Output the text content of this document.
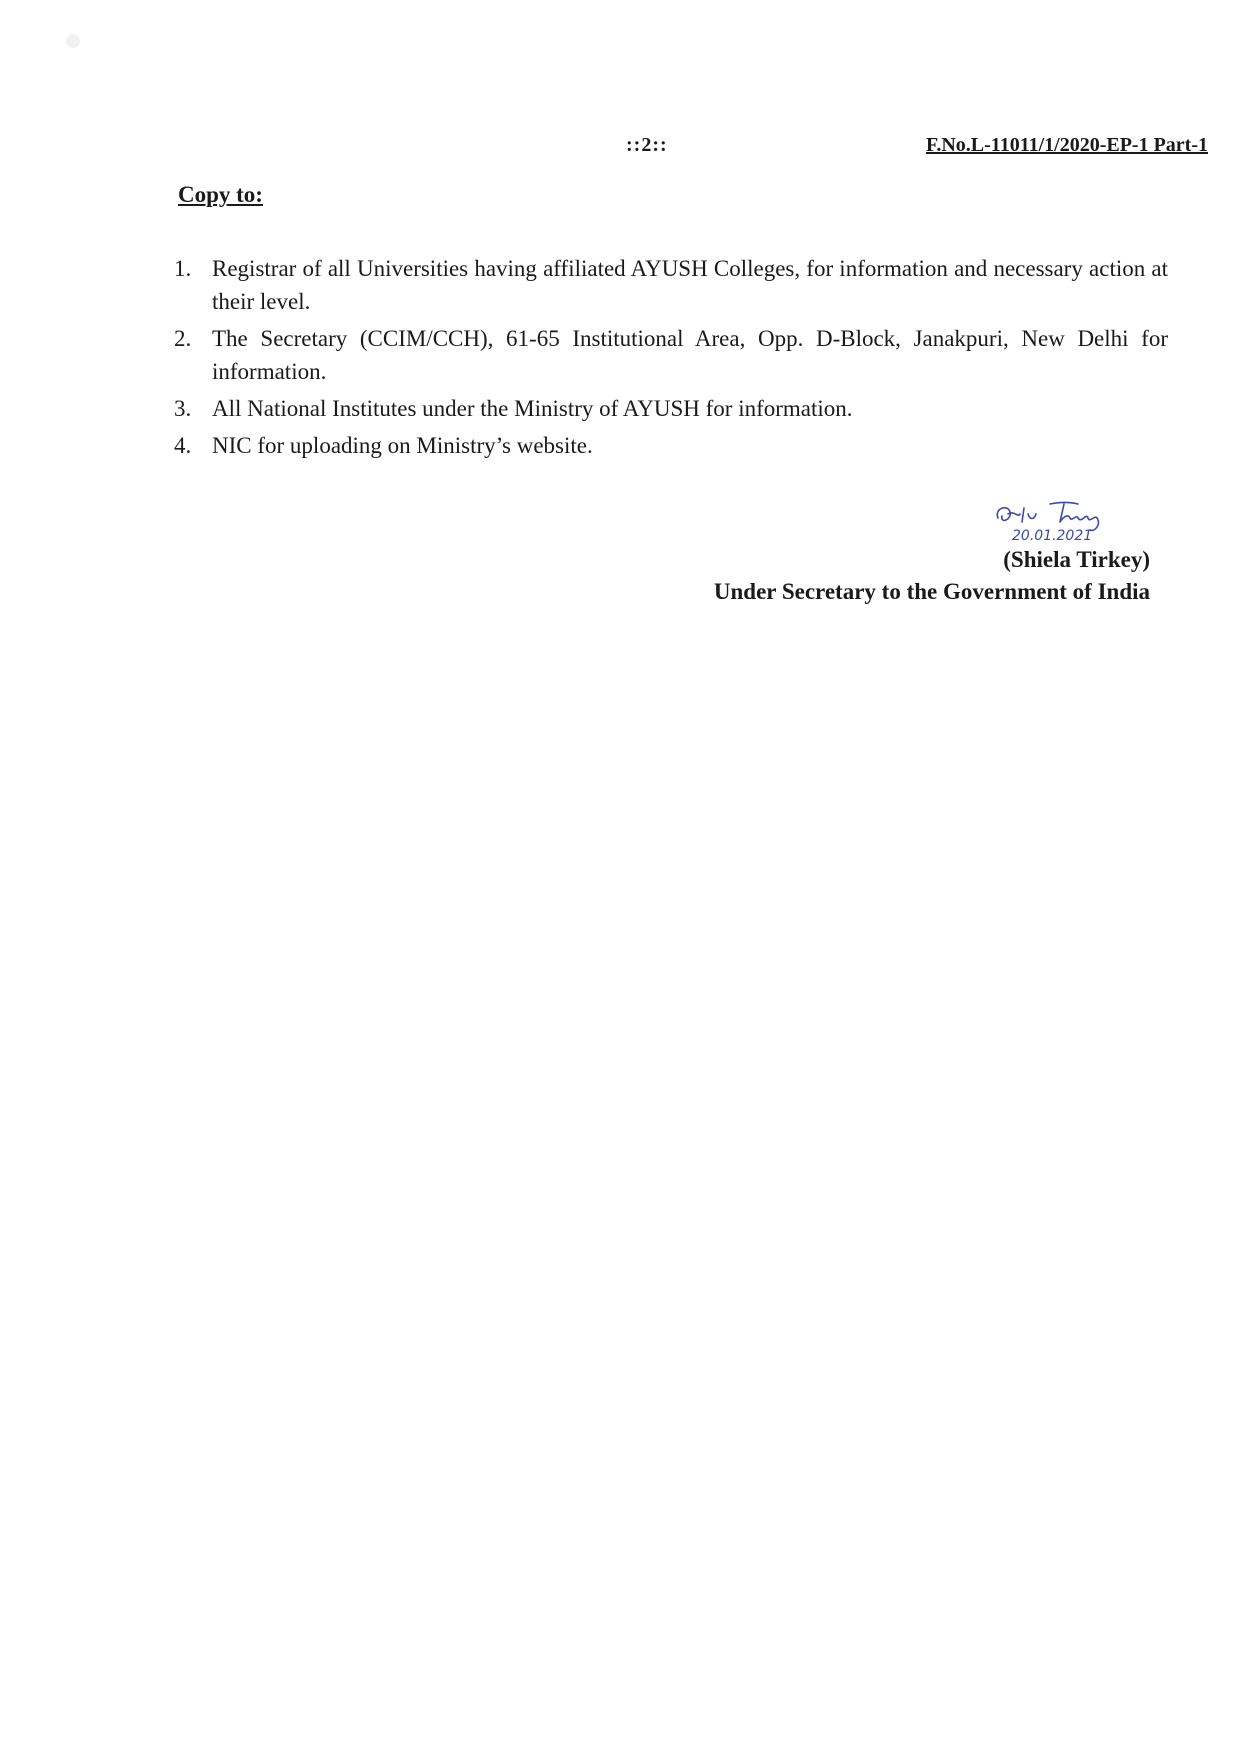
::2::	F.No.L-11011/1/2020-EP-1 Part-1
Copy to:
1. Registrar of all Universities having affiliated AYUSH Colleges, for information and necessary action at their level.
2. The Secretary (CCIM/CCH), 61-65 Institutional Area, Opp. D-Block, Janakpuri, New Delhi for information.
3. All National Institutes under the Ministry of AYUSH for information.
4. NIC for uploading on Ministry’s website.
20.01.2021
(Shiela Tirkey)
Under Secretary to the Government of India
